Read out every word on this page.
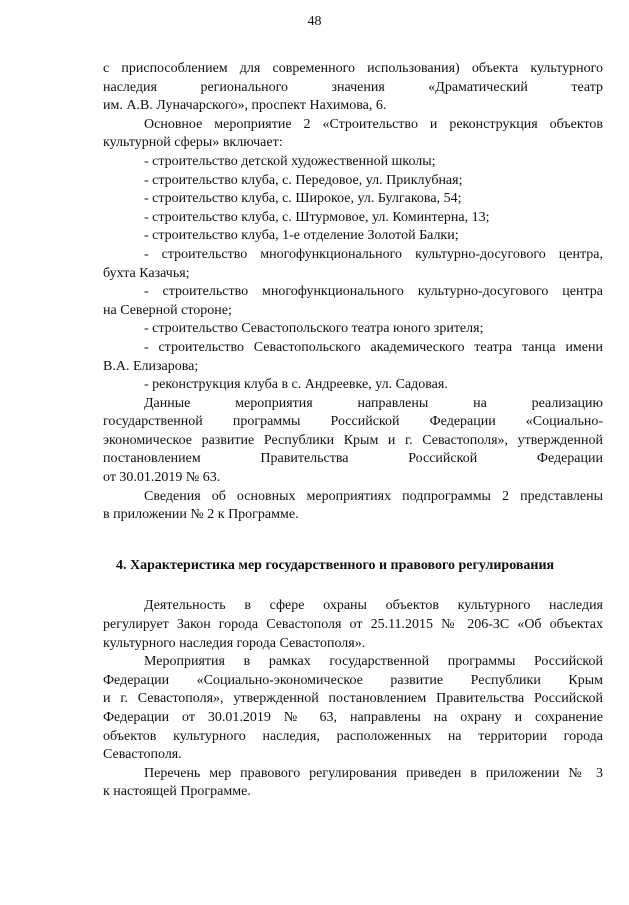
48
с приспособлением для современного использования) объекта культурного
наследия регионального значения «Драматический театр
им. А.В. Луначарского», проспект Нахимова, 6.
Основное мероприятие 2 «Строительство и реконструкция объектов
культурной сферы» включает:
- строительство детской художественной школы;
- строительство клуба, с. Передовое, ул. Приклубная;
- строительство клуба, с. Широкое, ул. Булгакова, 54;
- строительство клуба, с. Штурмовое, ул. Коминтерна, 13;
- строительство клуба, 1-е отделение Золотой Балки;
- строительство многофункционального культурно-досугового центра,
бухта Казачья;
- строительство многофункционального культурно-досугового центра
на Северной стороне;
- строительство Севастопольского театра юного зрителя;
- строительство Севастопольского академического театра танца имени
В.А. Елизарова;
- реконструкция клуба в с. Андреевке, ул. Садовая.
Данные мероприятия направлены на реализацию
государственной программы Российской Федерации «Социально-
экономическое развитие Республики Крым и г. Севастополя», утвержденной
постановлением Правительства Российской Федерации
от 30.01.2019 № 63.
Сведения об основных мероприятиях подпрограммы 2 представлены
в приложении № 2 к Программе.
4. Характеристика мер государственного и правового регулирования
Деятельность в сфере охраны объектов культурного наследия
регулирует Закон города Севастополя от 25.11.2015 № 206-ЗС «Об объектах
культурного наследия города Севастополя».
Мероприятия в рамках государственной программы Российской
Федерации «Социально-экономическое развитие Республики Крым
и г. Севастополя», утвержденной постановлением Правительства Российской
Федерации от 30.01.2019 № 63, направлены на охрану и сохранение
объектов культурного наследия, расположенных на территории города
Севастополя.
Перечень мер правового регулирования приведен в приложении № 3
к настоящей Программе.
